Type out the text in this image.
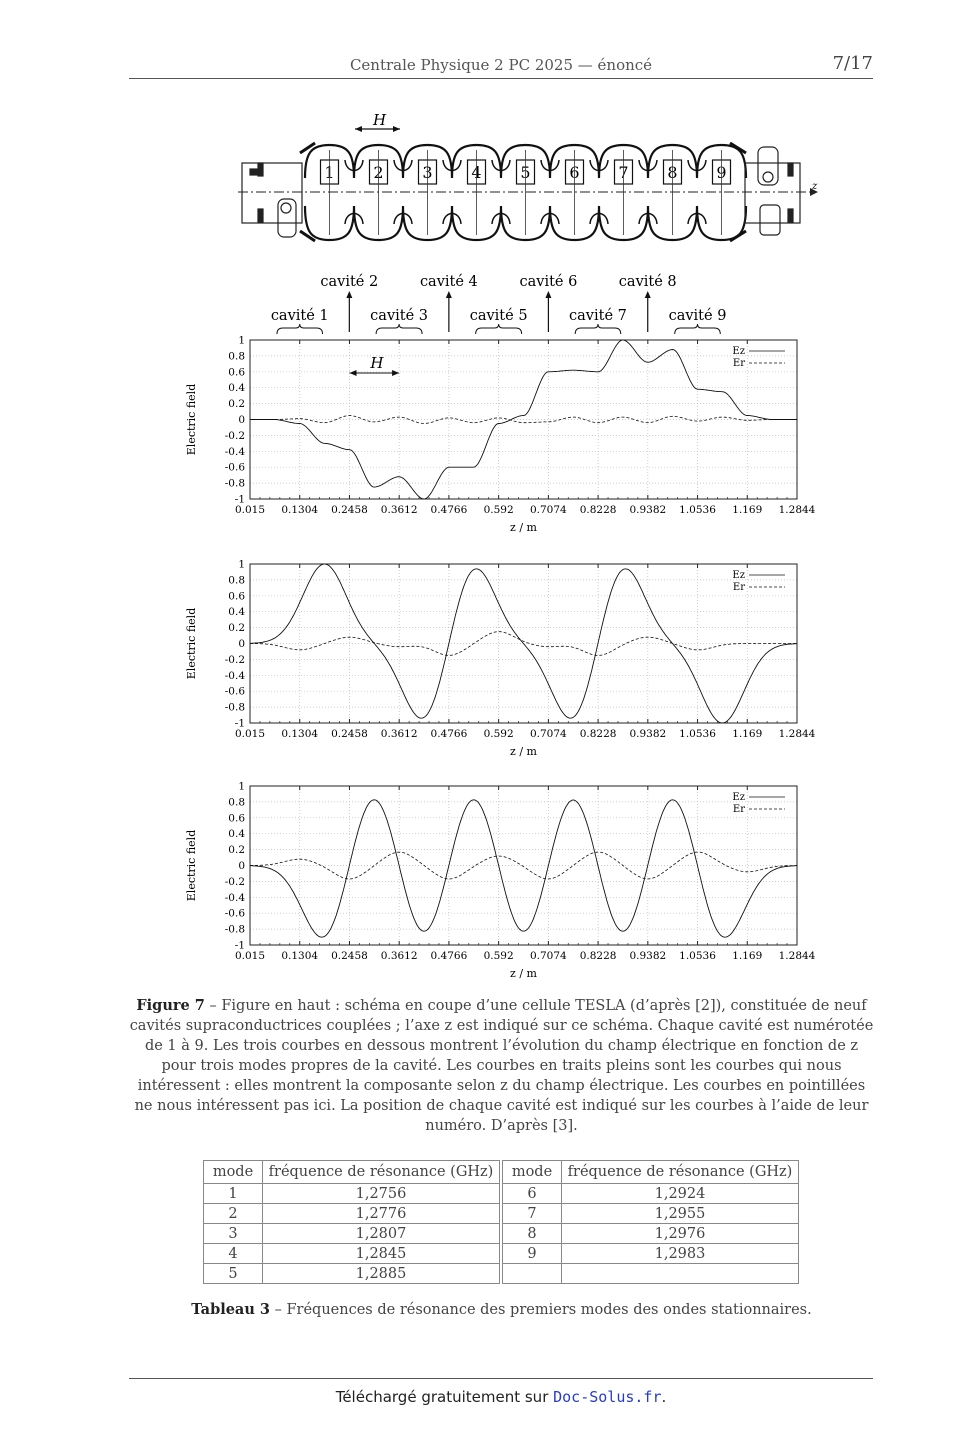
Centrale Physique 2 PC 2025 — énoncé	7/17
z
H
1 2 3 4 5 6 7 8 9
cavité 2	cavité 4	cavité 6	cavité 8
cavité 1	cavité 3	cavité 5	cavité 7	cavité 9
0.015 0.1304 0.2458 0.3612 0.4766 0.592 0.7074 0.8228 0.9382 1.0536 1.169 1.2844
1
0.8
0.6
0.4
0.2
0
-0.2
-0.4
-0.6
-0.8
-1
z / m
Electric field
Ez
Er
H
0.015 0.1304 0.2458 0.3612 0.4766 0.592 0.7074 0.8228 0.9382 1.0536 1.169 1.2844
1
0.8
0.6
0.4
0.2
0
-0.2
-0.4
-0.6
-0.8
-1
z / m
Electric field
Ez
Er
0.015 0.1304 0.2458 0.3612 0.4766 0.592 0.7074 0.8228 0.9382 1.0536 1.169 1.2844
1
0.8
0.6
0.4
0.2
0
-0.2
-0.4
-0.6
-0.8
-1
z / m
Electric field
Ez
Er
Figure 7 – Figure en haut : schéma en coupe d’une cellule TESLA (d’après [2]), constituée de neuf cavités supraconductrices couplées ; l’axe z est indiqué sur ce schéma. Chaque cavité est numérotée de 1 à 9. Les trois courbes en dessous montrent l’évolution du champ électrique en fonction de z pour trois modes propres de la cavité. Les courbes en traits pleins sont les courbes qui nous intéressent : elles montrent la composante selon z du champ électrique. Les courbes en pointillées ne nous intéressent pas ici. La position de chaque cavité est indiqué sur les courbes à l’aide de leur numéro. D’après [3].
mode	fréquence de résonance (GHz)		mode	fréquence de résonance (GHz)
1	1,2756		6	1,2924
2	1,2776		7	1,2955
3	1,2807		8	1,2976
4	1,2845		9	1,2983
5	1,2885			
Tableau 3 – Fréquences de résonance des premiers modes des ondes stationnaires.
Téléchargé gratuitement sur Doc-Solus.fr.
